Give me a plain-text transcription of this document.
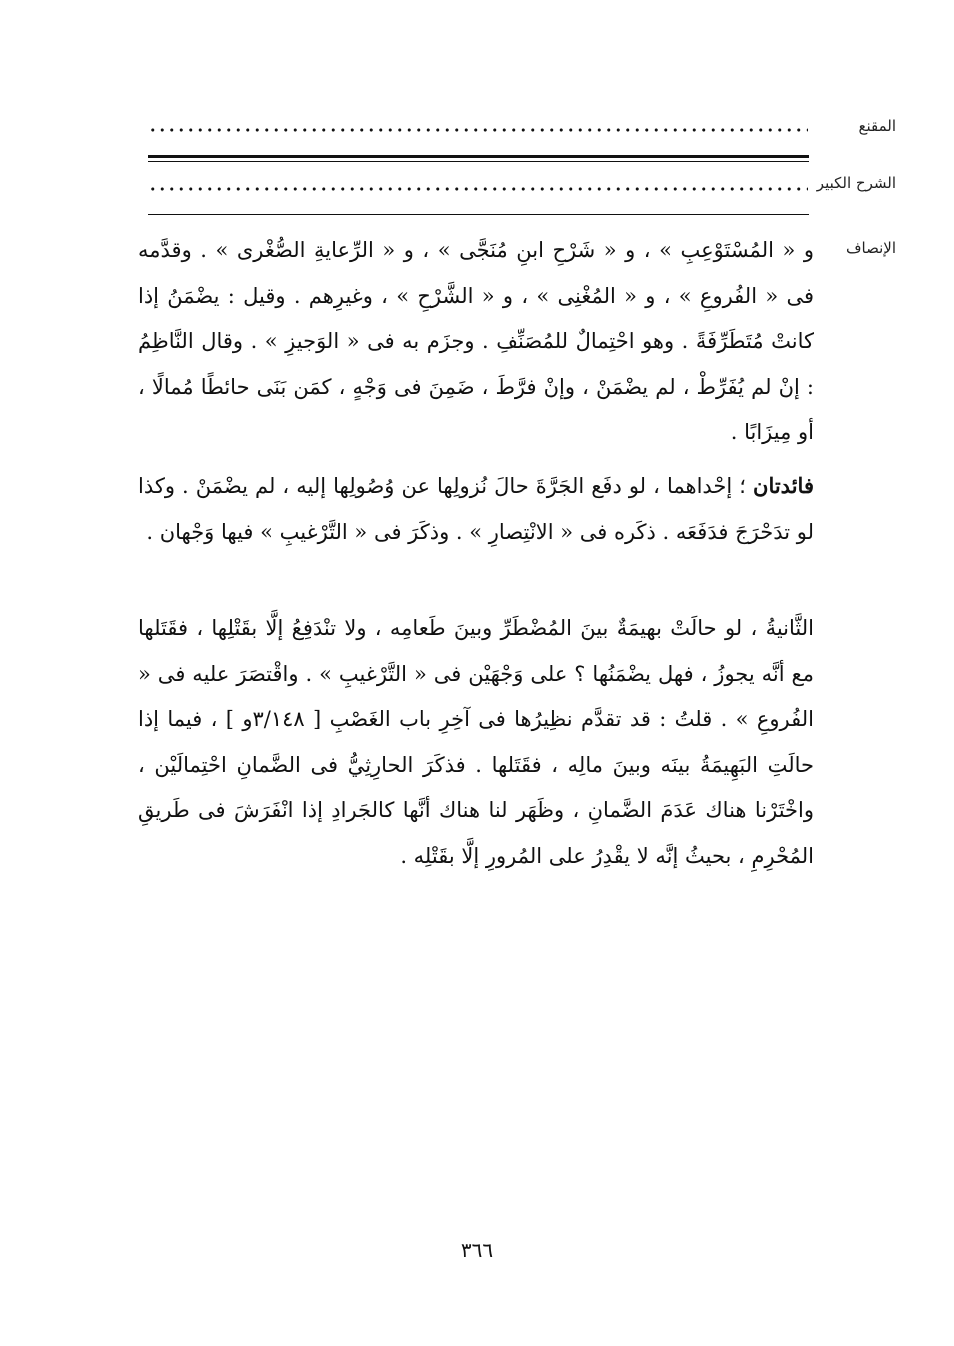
المقنع
الشرح الكبير
الإنصاف

و « المُسْتَوْعِبِ » ، و « شَرْحِ ابنِ مُنَجَّى » ، و « الرِّعايةِ الصُّغْرى » . وقدَّمه فى « الفُروعِ » ، و « المُغْنِى » ، و « الشَّرْحِ » ، وغيرِهم . وقيل : يضْمَنُ إذا كانتْ مُتَطَرِّفَةً . وهو احْتِمالٌ للمُصَنِّفِ . وجزَم به فى « الوَجيزِ » . وقال النَّاظِمُ : إنْ لم يُفَرِّطْ ، لم يضْمَنْ ، وإنْ فرَّطَ ، ضَمِنَ فى وَجْهٍ ، كمَن بَنَى حائطًا مُمالًا ، أو مِيزَابًا .

فائدتان ؛ إحْداهما ، لو دفَع الجَرَّةَ حالَ نُزولِها عن وُصُولِها إليه ، لم يضْمَنْ . وكذا لو تدَحْرَجَ فدَفَعَه . ذكَره فى « الانْتِصارِ » . وذكَرَ فى « التَّرْغيبِ » فيها وَجْهان .

الثَّانيةُ ، لو حالَتْ بهيمَةٌ بينَ المُضْطَرِّ وبينَ طَعامِه ، ولا تنْدَفِعُ إلَّا بقَتْلِها ، فقَتَلها مع أنَّه يجوزُ ، فهل يضْمَنُها ؟ على وَجْهَيْن فى « التَّرْغيبِ » . واقْتصَرَ عليه فى « الفُروعِ » . قلتُ : قد تقدَّم نظِيرُها فى آخِرِ باب الغَصْبِ [ ٣/١٤٨و ] ، فيما إذا حالَتِ البَهِيمَةُ بينَه وبينَ مالِه ، فقَتَلها . فذكَرَ الحارِثِيُّ فى الضَّمانِ احْتِمالَيْن ، واخْتَرْنا هناك عَدَمَ الضَّمانِ ، وظَهَر لنا هناك أنَّها كالجَرادِ إذا انْفَرَشَ فى طَريقِ المُحْرِمِ ، بحيثُ إنَّه لا يقْدِرُ على المُرورِ إلَّا بقَتْلِه .

٣٦٦
